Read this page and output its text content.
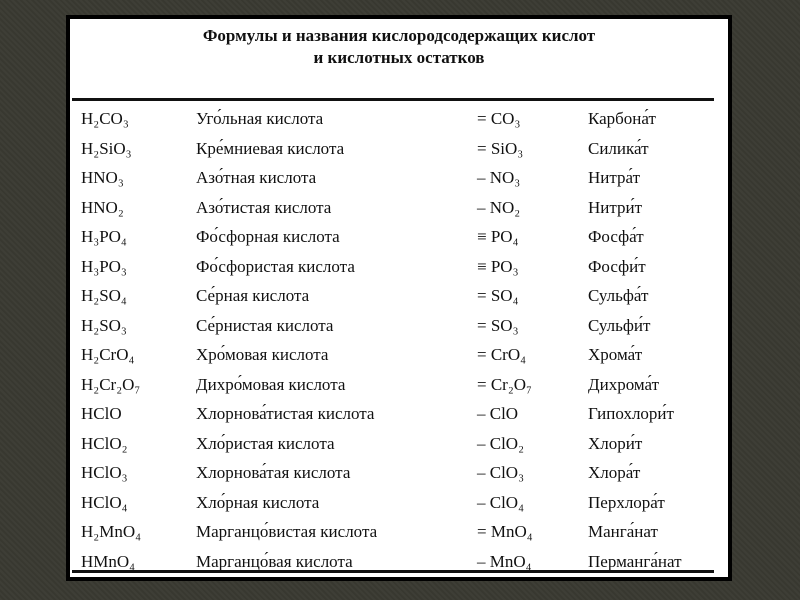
Формулы и названия кислородсодержащих кислот
и кислотных остатков
H₂CO₃	Уго́льная кислота	= CO₃	Карбона́т
H₂SiO₃	Кре́мниевая кислота	= SiO₃	Силика́т
HNO₃	Азо́тная кислота	– NO₃	Нитра́т
HNO₂	Азо́тистая кислота	– NO₂	Нитри́т
H₃PO₄	Фо́сфорная кислота	≡ PO₄	Фосфа́т
H₃PO₃	Фо́сфористая кислота	≡ PO₃	Фосфи́т
H₂SO₄	Се́рная кислота	= SO₄	Сульфа́т
H₂SO₃	Се́рнистая кислота	= SO₃	Сульфи́т
H₂CrO₄	Хро́мовая кислота	= CrO₄	Хрома́т
H₂Cr₂O₇	Дихро́мовая кислота	= Cr₂O₇	Дихрома́т
HClO	Хлорнова́тистая кислота	– ClO	Гипохлори́т
HClO₂	Хло́ристая кислота	– ClO₂	Хлори́т
HClO₃	Хлорнова́тая кислота	– ClO₃	Хлора́т
HClO₄	Хло́рная кислота	– ClO₄	Перхлора́т
H₂MnO₄	Марганцо́вистая кислота	= MnO₄	Манга́нат
HMnO₄	Марганцо́вая кислота	– MnO₄	Перманга́нат
